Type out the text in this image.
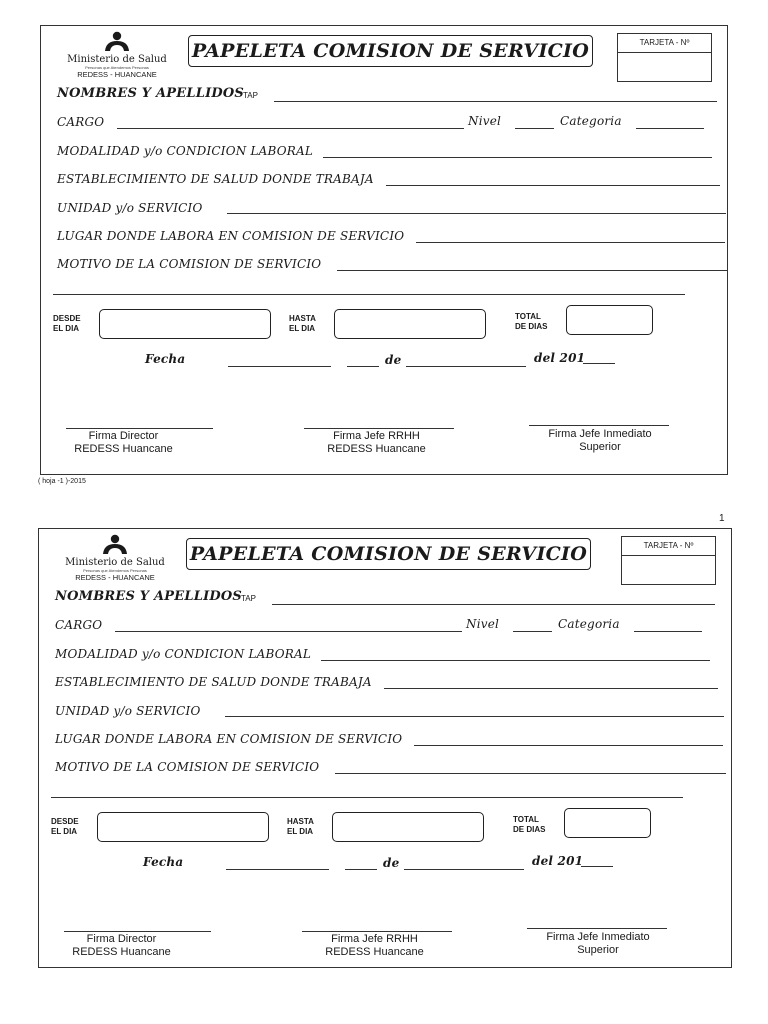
Ministerio de Salud
Personas que Atendemos Personas
REDESS - HUANCANE
PAPELETA COMISION DE SERVICIO	TARJETA - Nº
NOMBRES Y APELLIDOS TAP
CARGO	Nivel	Categoria
MODALIDAD y/o CONDICION LABORAL
ESTABLECIMIENTO DE SALUD DONDE TRABAJA
UNIDAD y/o SERVICIO
LUGAR DONDE LABORA EN COMISION DE SERVICIO
MOTIVO DE LA COMISION DE SERVICIO
DESDE
EL DIA
HASTA
EL DIA
TOTAL
DE DIAS
Fecha	de	del 201
Firma Director
REDESS Huancane
Firma Jefe RRHH
REDESS Huancane
Firma Jefe Inmediato
Superior
( hoja -1 )-2015
1
Ministerio de Salud
Personas que Atendemos Personas
REDESS - HUANCANE
PAPELETA COMISION DE SERVICIO	TARJETA - Nº
NOMBRES Y APELLIDOS TAP
CARGO	Nivel	Categoria
MODALIDAD y/o CONDICION LABORAL
ESTABLECIMIENTO DE SALUD DONDE TRABAJA
UNIDAD y/o SERVICIO
LUGAR DONDE LABORA EN COMISION DE SERVICIO
MOTIVO DE LA COMISION DE SERVICIO
DESDE
EL DIA
HASTA
EL DIA
TOTAL
DE DIAS
Fecha	de	del 201
Firma Director
REDESS Huancane
Firma Jefe RRHH
REDESS Huancane
Firma Jefe Inmediato
Superior
